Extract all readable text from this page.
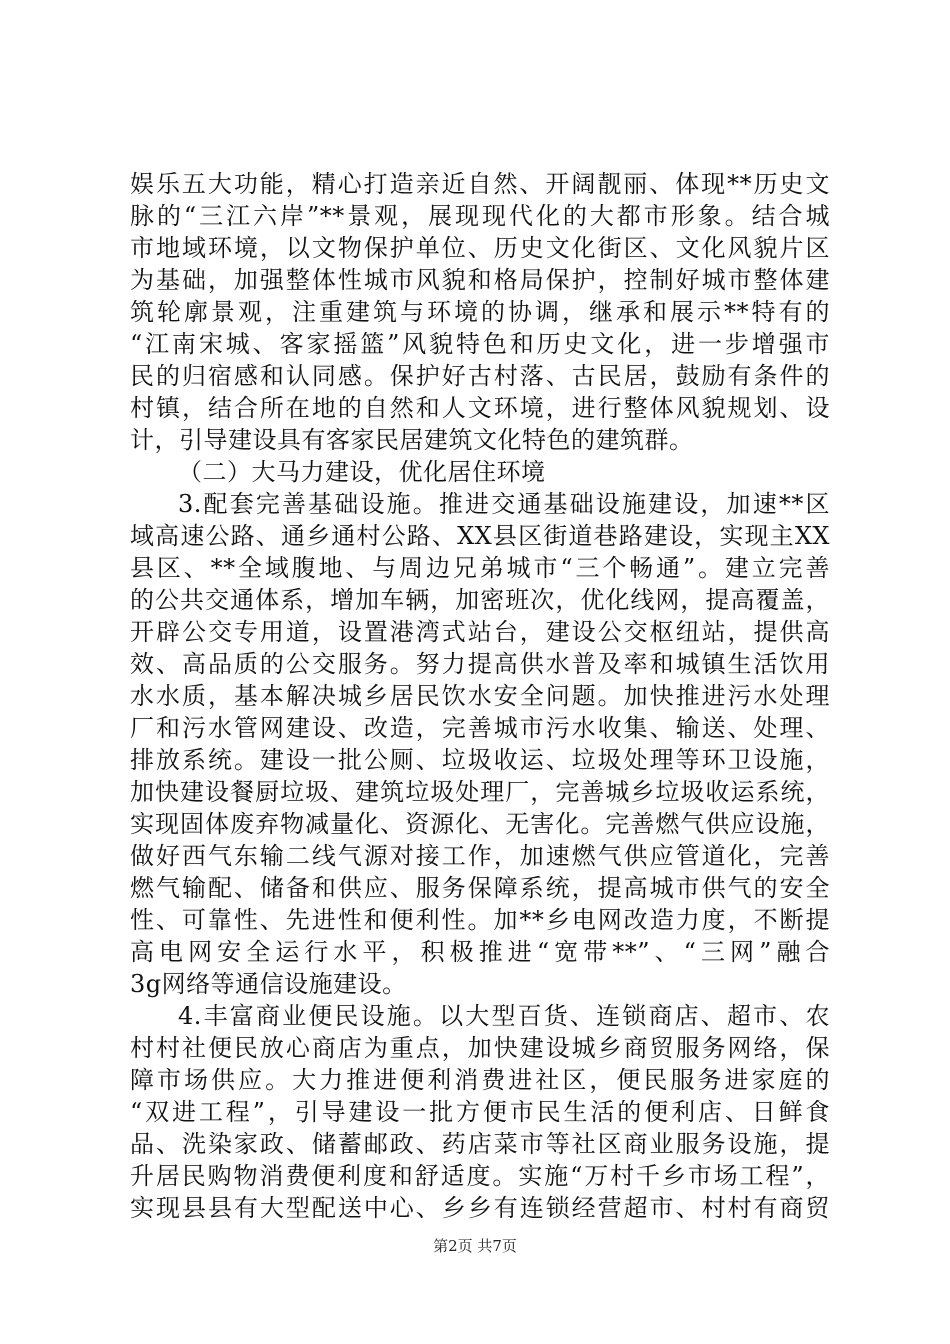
娱乐五大功能，精心打造亲近自然、开阔靓丽、体现**历史文
脉的“三江六岸”**景观，展现现代化的大都市形象。结合城
市地域环境，以文物保护单位、历史文化街区、文化风貌片区
为基础，加强整体性城市风貌和格局保护，控制好城市整体建
筑轮廓景观，注重建筑与环境的协调，继承和展示**特有的
“江南宋城、客家摇篮”风貌特色和历史文化，进一步增强市
民的归宿感和认同感。保护好古村落、古民居，鼓励有条件的
村镇，结合所在地的自然和人文环境，进行整体风貌规划、设
计，引导建设具有客家民居建筑文化特色的建筑群。
（二）大马力建设，优化居住环境
3.配套完善基础设施。推进交通基础设施建设，加速**区
域高速公路、通乡通村公路、XX县区街道巷路建设，实现主XX
县区、**全域腹地、与周边兄弟城市“三个畅通”。建立完善
的公共交通体系，增加车辆，加密班次，优化线网，提高覆盖，
开辟公交专用道，设置港湾式站台，建设公交枢纽站，提供高
效、高品质的公交服务。努力提高供水普及率和城镇生活饮用
水水质，基本解决城乡居民饮水安全问题。加快推进污水处理
厂和污水管网建设、改造，完善城市污水收集、输送、处理、
排放系统。建设一批公厕、垃圾收运、垃圾处理等环卫设施，
加快建设餐厨垃圾、建筑垃圾处理厂，完善城乡垃圾收运系统，
实现固体废弃物减量化、资源化、无害化。完善燃气供应设施，
做好西气东输二线气源对接工作，加速燃气供应管道化，完善
燃气输配、储备和供应、服务保障系统，提高城市供气的安全
性、可靠性、先进性和便利性。加**乡电网改造力度，不断提
高电网安全运行水平，积极推进“宽带**”、“三网”融合
3g网络等通信设施建设。
4.丰富商业便民设施。以大型百货、连锁商店、超市、农
村村社便民放心商店为重点，加快建设城乡商贸服务网络，保
障市场供应。大力推进便利消费进社区，便民服务进家庭的
“双进工程”，引导建设一批方便市民生活的便利店、日鲜食
品、洗染家政、储蓄邮政、药店菜市等社区商业服务设施，提
升居民购物消费便利度和舒适度。实施“万村千乡市场工程”，
实现县县有大型配送中心、乡乡有连锁经营超市、村村有商贸
第2页 共7页
